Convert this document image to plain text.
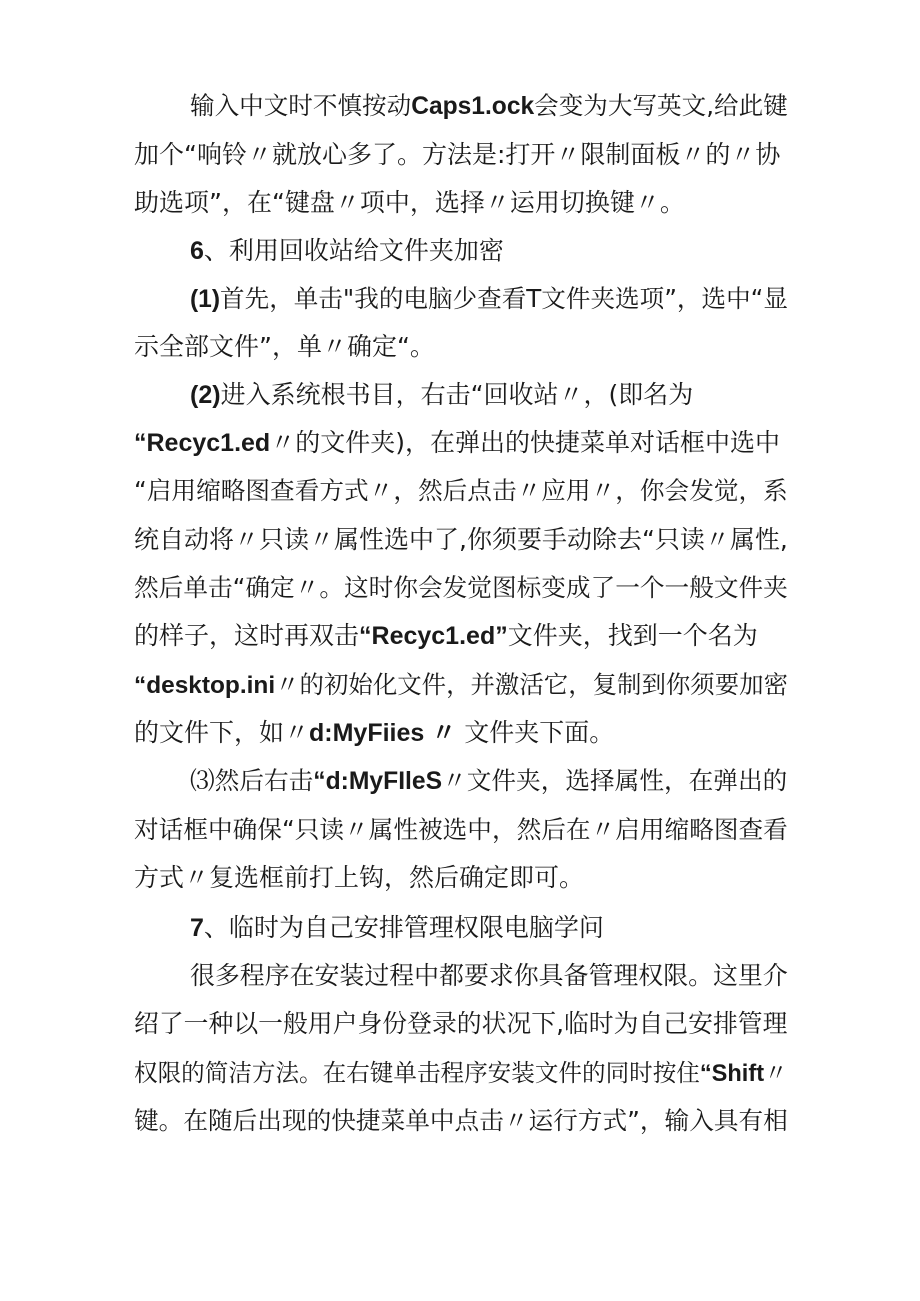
输入中文时不慎按动Caps1.ock会变为大写英文,给此键
加个“响铃〃就放心多了。方法是:打开〃限制面板〃的〃协
助选项”，在“键盘〃项中，选择〃运用切换键〃。
6、利用回收站给文件夹加密
(1)首先，单击"我的电脑少查看T文件夹选项”，选中“显
示全部文件”，单〃确定“。
(2)进入系统根书目，右击“回收站〃，(即名为
“Recyc1.ed〃的文件夹)，在弹出的快捷菜单对话框中选中
“启用缩略图查看方式〃，然后点击〃应用〃，你会发觉，系
统自动将〃只读〃属性选中了,你须要手动除去“只读〃属性,
然后单击“确定〃。这时你会发觉图标变成了一个一般文件夹
的样子，这时再双击“Recyc1.ed”文件夹，找到一个名为
“desktop.ini〃的初始化文件，并激活它，复制到你须要加密
的文件下，如〃d:MyFiies 〃 文件夹下面。
⑶然后右击“d:MyFIleS〃文件夹，选择属性，在弹出的
对话框中确保“只读〃属性被选中，然后在〃启用缩略图查看
方式〃复选框前打上钩，然后确定即可。
7、临时为自己安排管理权限电脑学问
很多程序在安装过程中都要求你具备管理权限。这里介
绍了一种以一般用户身份登录的状况下,临时为自己安排管理
权限的简洁方法。在右键单击程序安装文件的同时按住“Shift〃
键。在随后出现的快捷菜单中点击〃运行方式”，输入具有相
